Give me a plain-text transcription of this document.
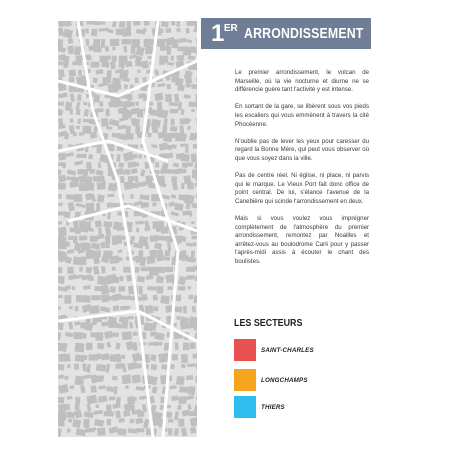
1 ER ARRONDISSEMENT

Le premier arrondissement, le volcan de Marseille, où la vie nocturne et diurne ne se différencie guère tant l'activité y est intense.

En sortant de la gare, se libèrent sous vos pieds les escaliers qui vous emmènent à travers la cité Phocéenne.

N'oublie pas de lever les yeux pour caresser du regard la Bonne Mère, qui peut vous observer où que vous soyez dans la ville.

Pas de centre réel. Ni église, ni place, ni parvis qui le marque. Le Vieux Port fait donc office de point central. De lui, s'élance l'avenue de la Canebière qui scinde l'arrondissement en deux.

Mais si vous voulez vous imprégner complètement de l'atmosphère du premier arrondissement, remontez par Noailles et arrêtez-vous au boulodrome Carli pour y passer l'après-midi assis à écouter le chant des boulistes.

LES SECTEURS
SAINT-CHARLES
LONGCHAMPS
THIERS
